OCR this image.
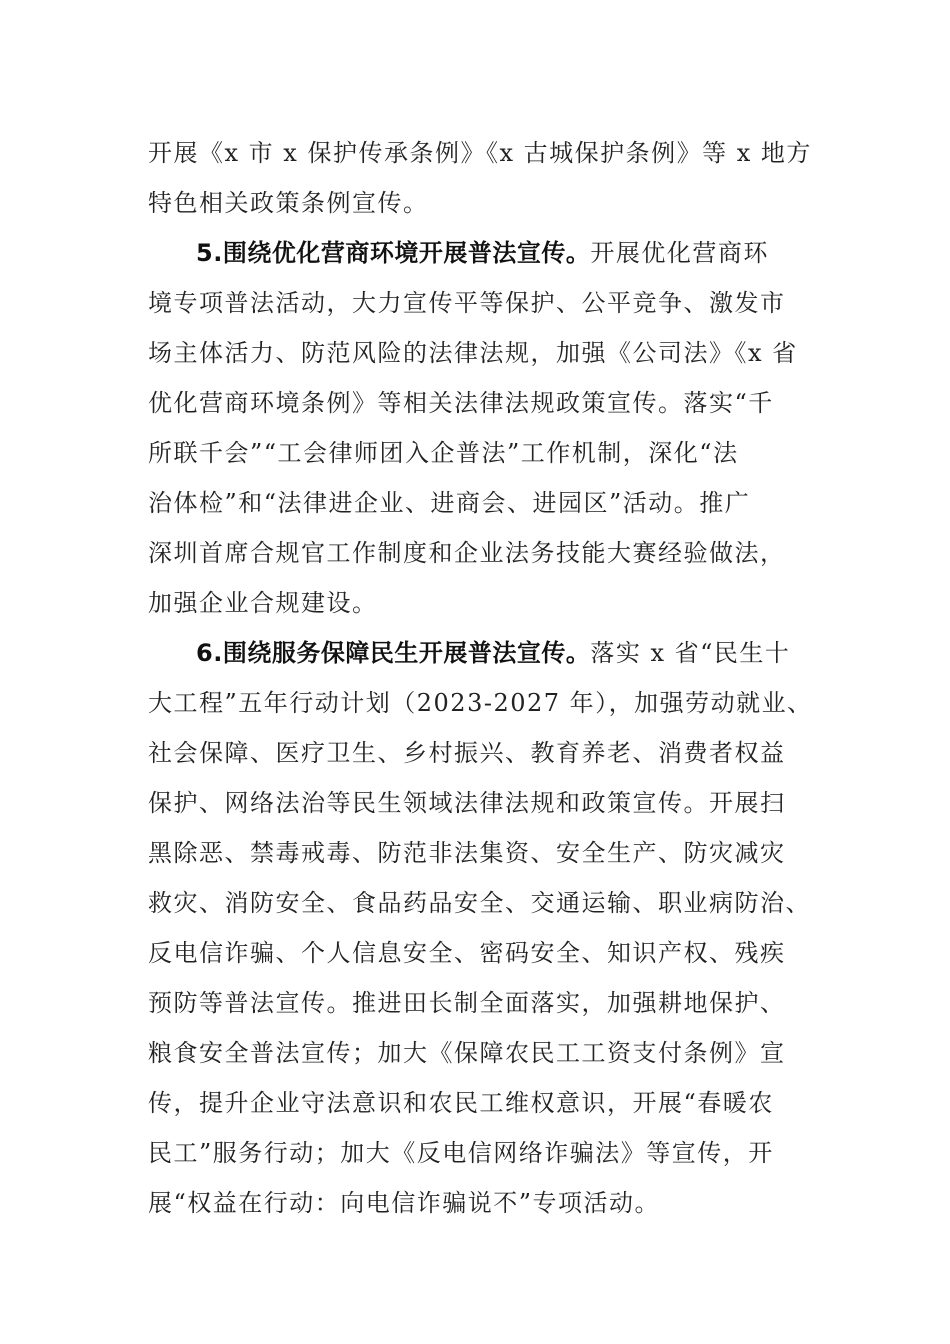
开展《x 市 x 保护传承条例》《x 古城保护条例》等 x 地方
特色相关政策条例宣传。
5.围绕优化营商环境开展普法宣传。开展优化营商环
境专项普法活动，大力宣传平等保护、公平竞争、激发市
场主体活力、防范风险的法律法规，加强《公司法》《x 省
优化营商环境条例》等相关法律法规政策宣传。落实“千
所联千会”“工会律师团入企普法”工作机制，深化“法
治体检”和“法律进企业、进商会、进园区”活动。推广
深圳首席合规官工作制度和企业法务技能大赛经验做法，
加强企业合规建设。
6.围绕服务保障民生开展普法宣传。落实 x 省“民生十
大工程”五年行动计划（2023-2027 年），加强劳动就业、
社会保障、医疗卫生、乡村振兴、教育养老、消费者权益
保护、网络法治等民生领域法律法规和政策宣传。开展扫
黑除恶、禁毒戒毒、防范非法集资、安全生产、防灾减灾
救灾、消防安全、食品药品安全、交通运输、职业病防治、
反电信诈骗、个人信息安全、密码安全、知识产权、残疾
预防等普法宣传。推进田长制全面落实，加强耕地保护、
粮食安全普法宣传；加大《保障农民工工资支付条例》宣
传，提升企业守法意识和农民工维权意识，开展“春暖农
民工”服务行动；加大《反电信网络诈骗法》等宣传，开
展“权益在行动：向电信诈骗说不”专项活动。
